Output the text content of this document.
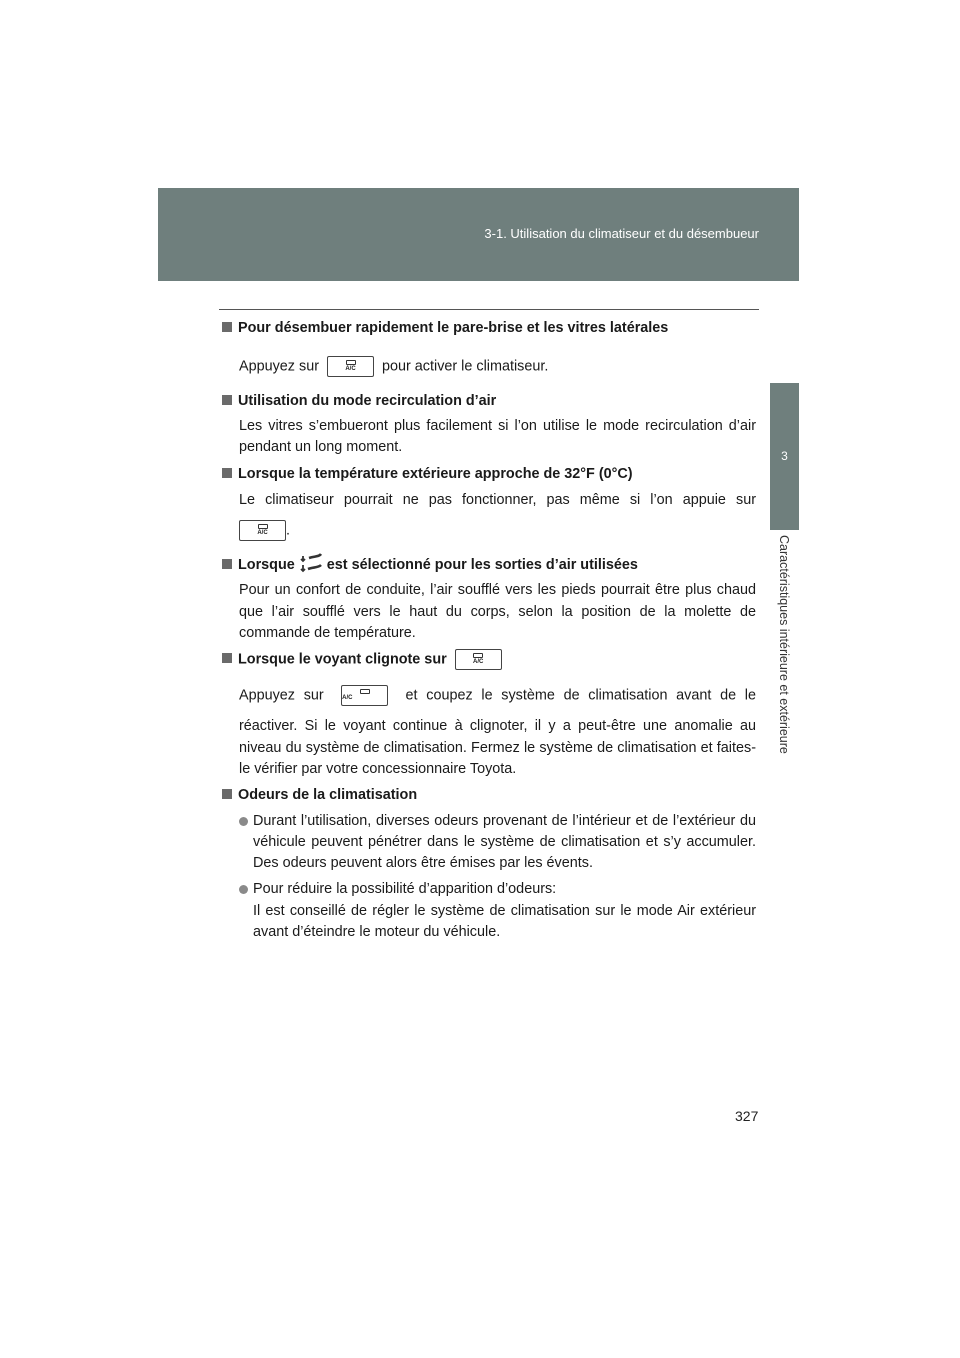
3-1. Utilisation du climatiseur et du désembueur
3
Caractéristiques intérieure et extérieure

Pour désembuer rapidement le pare-brise et les vitres latérales

Appuyez sur	A/C	pour activer le climatiseur.

Utilisation du mode recirculation d’air

Les vitres s’embueront plus facilement si l’on utilise le mode recirculation d’air pendant un long moment.

Lorsque la température extérieure approche de 32°F (0°C)

Le climatiseur pourrait ne pas fonctionner, pas même si l’on appuie sur

A/C	.

Lorsque est sélectionné pour les sorties d’air utilisées

Pour un confort de conduite, l’air soufflé vers les pieds pourrait être plus chaud que l’air soufflé vers le haut du corps, selon la position de la molette de commande de température.

Lorsque le voyant clignote sur	A/C

Appuyez sur	A/C	et coupez le système de climatisation avant de le

réactiver. Si le voyant continue à clignoter, il y a peut-être une anomalie au niveau du système de climatisation. Fermez le système de climatisation et faites-le vérifier par votre concessionnaire Toyota.

Odeurs de la climatisation

Durant l’utilisation, diverses odeurs provenant de l’intérieur et de l’extérieur du véhicule peuvent pénétrer dans le système de climatisation et s’y accumuler. Des odeurs peuvent alors être émises par les évents.
Pour réduire la possibilité d’apparition d’odeurs:
Il est conseillé de régler le système de climatisation sur le mode Air extérieur avant d’éteindre le moteur du véhicule.
327
